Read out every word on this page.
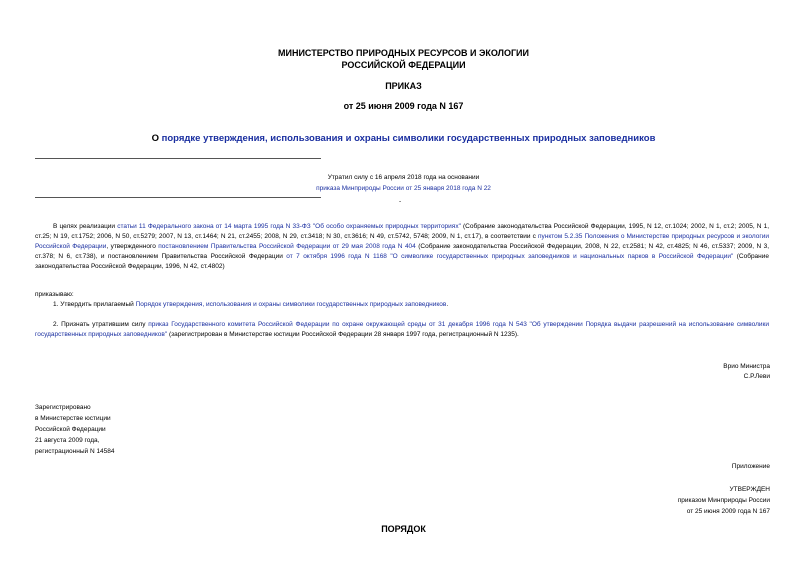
МИНИСТЕРСТВО ПРИРОДНЫХ РЕСУРСОВ И ЭКОЛОГИИ
РОССИЙСКОЙ ФЕДЕРАЦИИ
ПРИКАЗ
от 25 июня 2009 года N 167
О порядке утверждения, использования и охраны символики государственных природных заповедников
Утратил силу с 16 апреля 2018 года на основании
приказа Минприроды России от 25 января 2018 года N 22
-
В целях реализации статьи 11 Федерального закона от 14 марта 1995 года N 33-ФЗ "Об особо охраняемых природных территориях" (Собрание законодательства Российской Федерации, 1995, N 12, ст.1024; 2002, N 1, ст.2; 2005, N 1, ст.25; N 19, ст.1752; 2006, N 50, ст.5279; 2007, N 13, ст.1464; N 21, ст.2455; 2008, N 29, ст.3418; N 30, ст.3616; N 49, ст.5742, 5748; 2009, N 1, ст.17), в соответствии с пунктом 5.2.35 Положения о Министерстве природных ресурсов и экологии Российской Федерации, утвержденного постановлением Правительства Российской Федерации от 29 мая 2008 года N 404 (Собрание законодательства Российской Федерации, 2008, N 22, ст.2581; N 42, ст.4825; N 46, ст.5337; 2009, N 3, ст.378; N 6, ст.738), и постановлением Правительства Российской Федерации от 7 октября 1996 года N 1168 "О символике государственных природных заповедников и национальных парков в Российской Федерации" (Собрание законодательства Российской Федерации, 1996, N 42, ст.4802)
приказываю:
1. Утвердить прилагаемый Порядок утверждения, использования и охраны символики государственных природных заповедников.
2. Признать утратившим силу приказ Государственного комитета Российской Федерации по охране окружающей среды от 31 декабря 1996 года N 543 "Об утверждении Порядка выдачи разрешений на использование символики государственных природных заповедников" (зарегистрирован в Министерстве юстиции Российской Федерации 28 января 1997 года, регистрационный N 1235).
Врио Министра
С.Р.Леви
Зарегистрировано
в Министерстве юстиции
Российской Федерации
21 августа 2009 года,
регистрационный N 14584
Приложение
УТВЕРЖДЕН
приказом Минприроды России
от 25 июня 2009 года N 167
ПОРЯДОК
